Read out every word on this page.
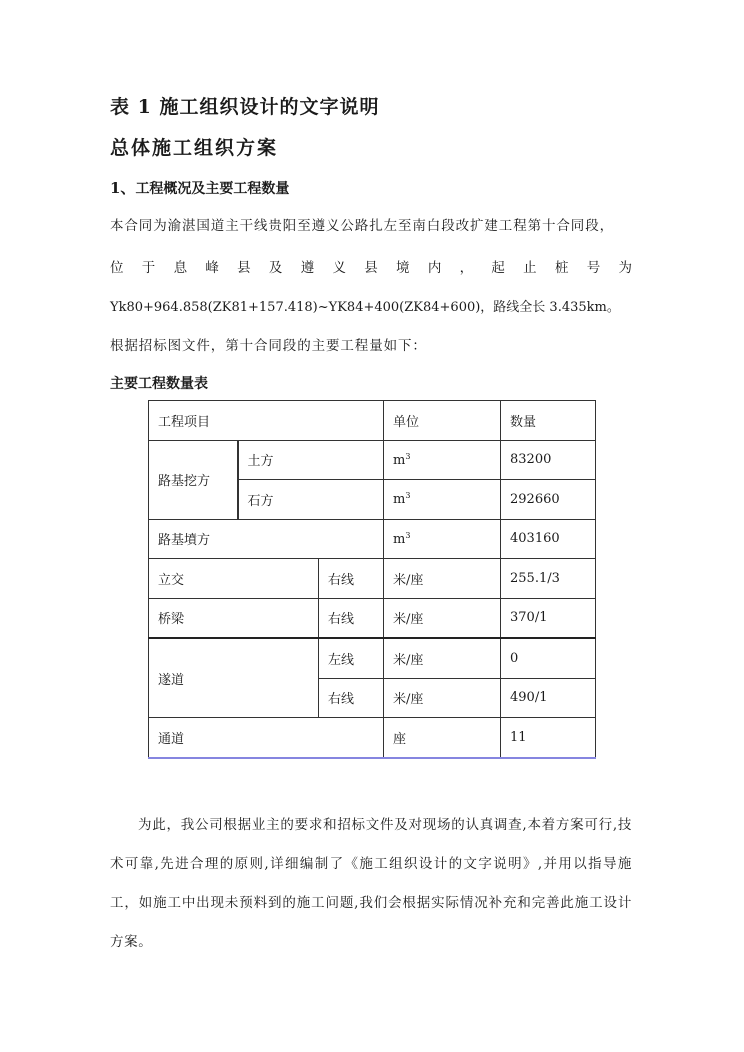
表 1 施工组织设计的文字说明
总体施工组织方案
1、工程概况及主要工程数量
本合同为渝湛国道主干线贵阳至遵义公路扎左至南白段改扩建工程第十合同段，
位 于 息 峰 县 及 遵 义 县 境 内 ， 起 止 桩 号 为
Yk80+964.858(ZK81+157.418)~YK84+400(ZK84+600)，路线全长 3.435km。
根据招标图文件，第十合同段的主要工程量如下：
主要工程数量表
工程项目			单位	数量
路基挖方	土方		$m^3$	83200
	石方		$m^3$	292660
路基墳方			$m^3$	403160
立交		右线	米/座	255.1/3
桥梁		右线	米/座	370/1
遂道		左线	米/座	0
		右线	米/座	490/1
通道			座	11
为此，我公司根据业主的要求和招标文件及对现场的认真调查,本着方案可行,技术可靠,先进合理的原则,详细编制了《施工组织设计的文字说明》,并用以指导施工，如施工中出现未预料到的施工问题,我们会根据实际情况补充和完善此施工设计方案。
